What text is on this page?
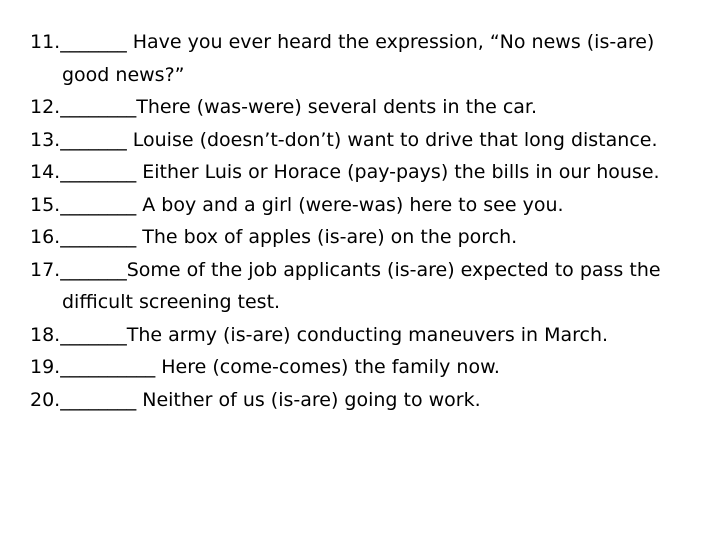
11._______ Have you ever heard the expression, “No news (is-are) good news?”
12.________There (was-were) several dents in the car.
13._______ Louise (doesn’t-don’t) want to drive that long distance.
14.________ Either Luis or Horace (pay-pays) the bills in our house.
15.________ A boy and a girl (were-was) here to see you.
16.________ The box of apples (is-are) on the porch.
17._______Some of the job applicants (is-are) expected to pass the difficult screening test.
18._______The army (is-are) conducting maneuvers in March.
19.__________ Here (come-comes) the family now.
20.________ Neither of us (is-are) going to work.
